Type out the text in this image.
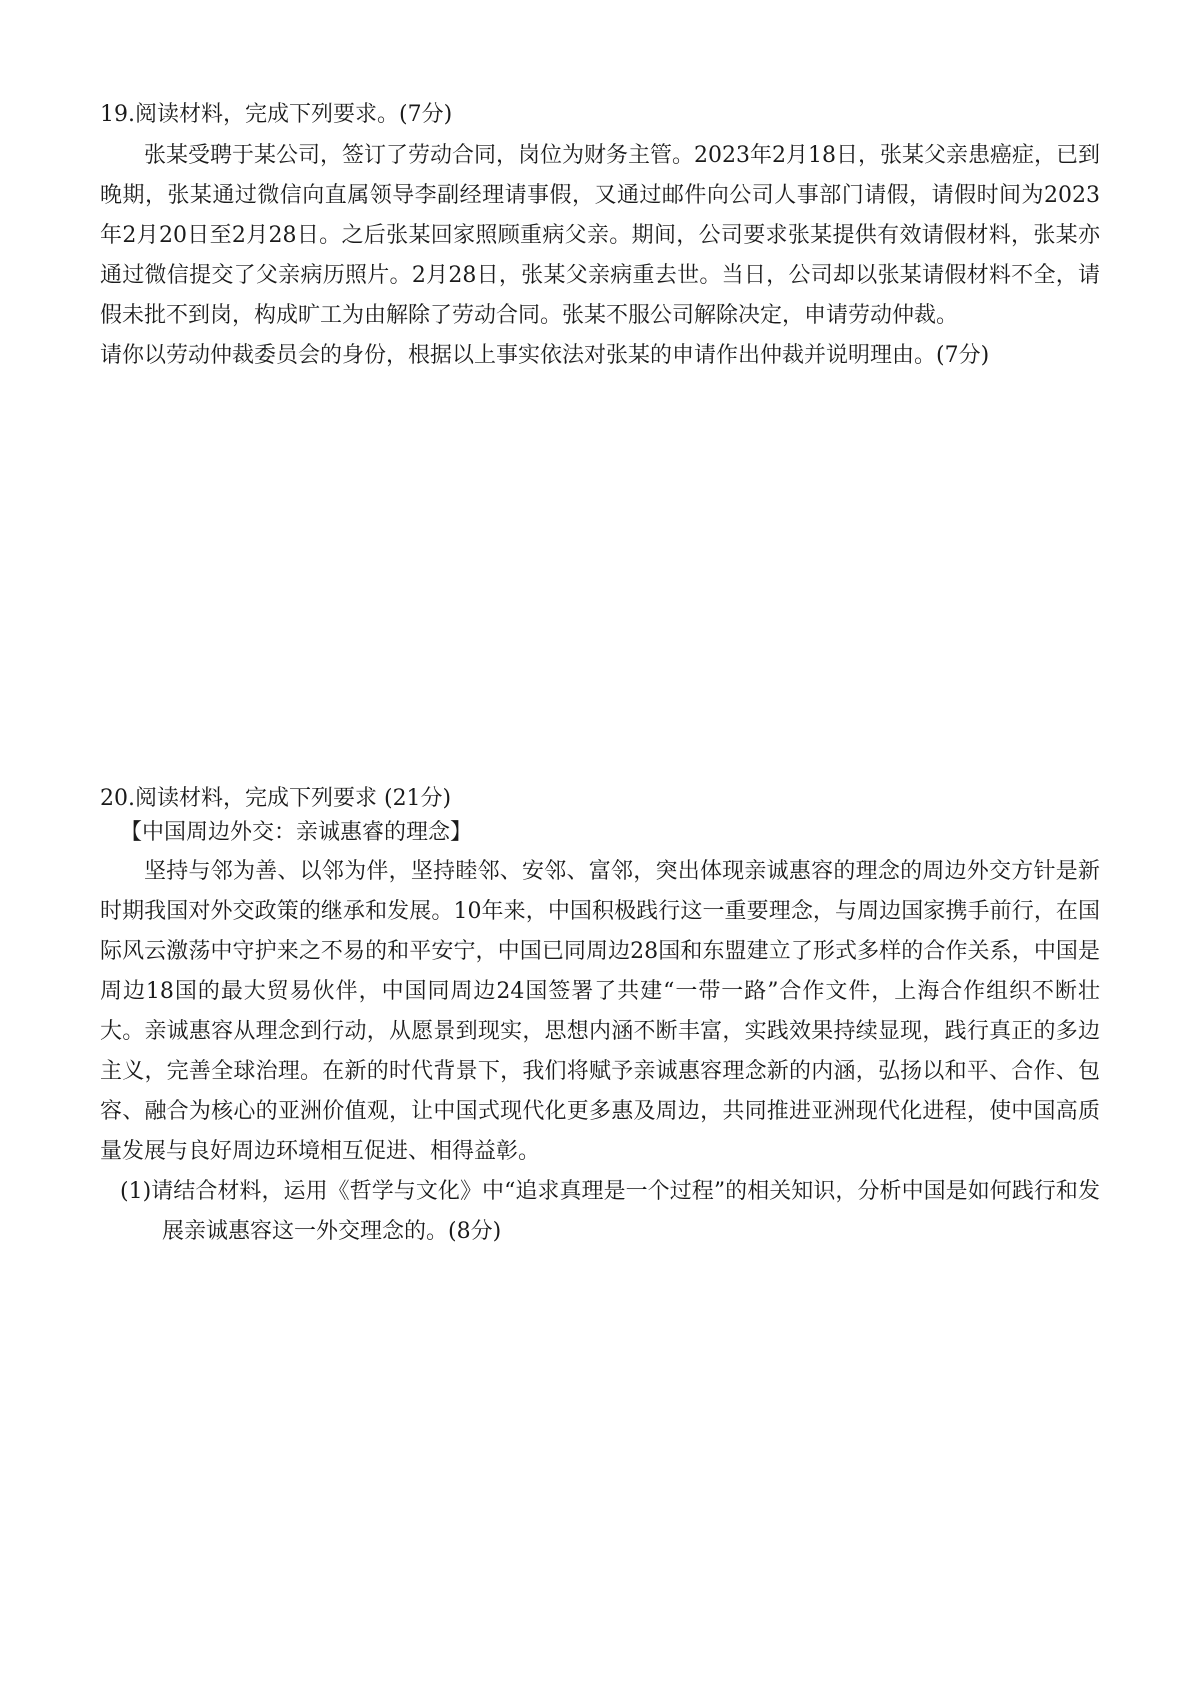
19.阅读材料，完成下列要求。(7分)

张某受聘于某公司，签订了劳动合同，岗位为财务主管。2023年2月18日，张某父亲患癌症，已到晚期，张某通过微信向直属领导李副经理请事假，又通过邮件向公司人事部门请假，请假时间为2023年2月20日至2月28日。之后张某回家照顾重病父亲。期间，公司要求张某提供有效请假材料，张某亦通过微信提交了父亲病历照片。2月28日，张某父亲病重去世。当日，公司却以张某请假材料不全，请假未批不到岗，构成旷工为由解除了劳动合同。张某不服公司解除决定，申请劳动仲裁。

请你以劳动仲裁委员会的身份，根据以上事实依法对张某的申请作出仲裁并说明理由。(7分)

20.阅读材料，完成下列要求 (21分)

【中国周边外交：亲诚惠睿的理念】

坚持与邻为善、以邻为伴，坚持睦邻、安邻、富邻，突出体现亲诚惠容的理念的周边外交方针是新时期我国对外交政策的继承和发展。10年来，中国积极践行这一重要理念，与周边国家携手前行，在国际风云激荡中守护来之不易的和平安宁，中国已同周边28国和东盟建立了形式多样的合作关系，中国是周边18国的最大贸易伙伴，中国同周边24国签署了共建“一带一路”合作文件，上海合作组织不断壮大。亲诚惠容从理念到行动，从愿景到现实，思想内涵不断丰富，实践效果持续显现，践行真正的多边主义，完善全球治理。在新的时代背景下，我们将赋予亲诚惠容理念新的内涵，弘扬以和平、合作、包容、融合为核心的亚洲价值观，让中国式现代化更多惠及周边，共同推进亚洲现代化进程，使中国高质量发展与良好周边环境相互促进、相得益彰。

(1)请结合材料，运用《哲学与文化》中“追求真理是一个过程”的相关知识，分析中国是如何践行和发展亲诚惠容这一外交理念的。(8分)
